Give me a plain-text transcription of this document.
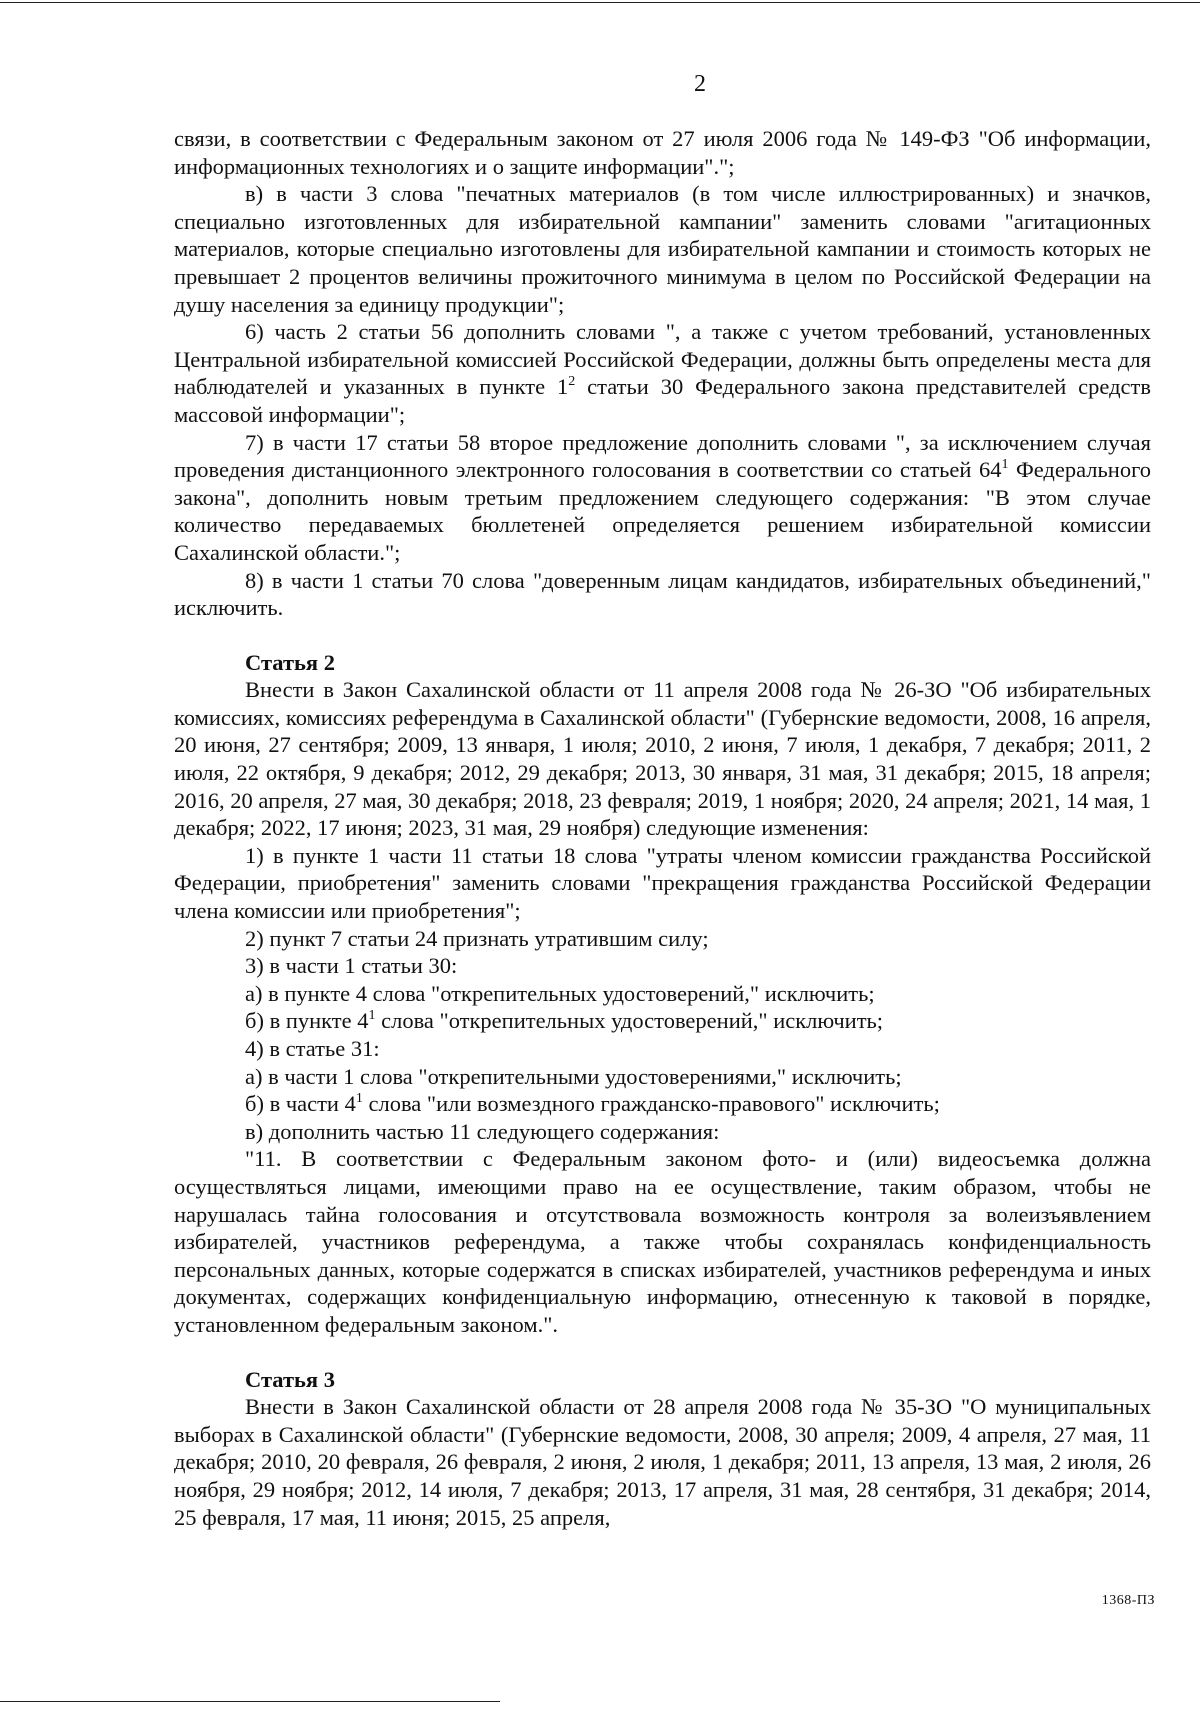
2

связи, в соответствии с Федеральным законом от 27 июля 2006 года № 149-ФЗ "Об информации, информационных технологиях и о защите информации".";

в) в части 3 слова "печатных материалов (в том числе иллюстрированных) и значков, специально изготовленных для избирательной кампании" заменить словами "агитационных материалов, которые специально изготовлены для избирательной кампании и стоимость которых не превышает 2 процентов величины прожиточного минимума в целом по Российской Федерации на душу населения за единицу продукции";

6) часть 2 статьи 56 дополнить словами ", а также с учетом требований, установленных Центральной избирательной комиссией Российской Федерации, должны быть определены места для наблюдателей и указанных в пункте $1^2$ статьи 30 Федерального закона представителей средств массовой информации";

7) в части 17 статьи 58 второе предложение дополнить словами ", за исключением случая проведения дистанционного электронного голосования в соответствии со статьей $64^1$ Федерального закона", дополнить новым третьим предложением следующего содержания: "В этом случае количество передаваемых бюллетеней определяется решением избирательной комиссии Сахалинской области.";

8) в части 1 статьи 70 слова "доверенным лицам кандидатов, избирательных объединений," исключить.

Статья 2

Внести в Закон Сахалинской области от 11 апреля 2008 года № 26-ЗО "Об избирательных комиссиях, комиссиях референдума в Сахалинской области" (Губернские ведомости, 2008, 16 апреля, 20 июня, 27 сентября; 2009, 13 января, 1 июля; 2010, 2 июня, 7 июля, 1 декабря, 7 декабря; 2011, 2 июля, 22 октября, 9 декабря; 2012, 29 декабря; 2013, 30 января, 31 мая, 31 декабря; 2015, 18 апреля; 2016, 20 апреля, 27 мая, 30 декабря; 2018, 23 февраля; 2019, 1 ноября; 2020, 24 апреля; 2021, 14 мая, 1 декабря; 2022, 17 июня; 2023, 31 мая, 29 ноября) следующие изменения:

1) в пункте 1 части 11 статьи 18 слова "утраты членом комиссии гражданства Российской Федерации, приобретения" заменить словами "прекращения гражданства Российской Федерации члена комиссии или приобретения";

2) пункт 7 статьи 24 признать утратившим силу;

3) в части 1 статьи 30:

а) в пункте 4 слова "открепительных удостоверений," исключить;

б) в пункте $4^1$ слова "открепительных удостоверений," исключить;

4) в статье 31:

а) в части 1 слова "открепительными удостоверениями," исключить;

б) в части $4^1$ слова "или возмездного гражданско-правового" исключить;

в) дополнить частью 11 следующего содержания:

"11. В соответствии с Федеральным законом фото- и (или) видеосъемка должна осуществляться лицами, имеющими право на ее осуществление, таким образом, чтобы не нарушалась тайна голосования и отсутствовала возможность контроля за волеизъявлением избирателей, участников референдума, а также чтобы сохранялась конфиденциальность персональных данных, которые содержатся в списках избирателей, участников референдума и иных документах, содержащих конфиденциальную информацию, отнесенную к таковой в порядке, установленном федеральным законом.".

Статья 3

Внести в Закон Сахалинской области от 28 апреля 2008 года № 35-ЗО "О муниципальных выборах в Сахалинской области" (Губернские ведомости, 2008, 30 апреля; 2009, 4 апреля, 27 мая, 11 декабря; 2010, 20 февраля, 26 февраля, 2 июня, 2 июля, 1 декабря; 2011, 13 апреля, 13 мая, 2 июля, 26 ноября, 29 ноября; 2012, 14 июля, 7 декабря; 2013, 17 апреля, 31 мая, 28 сентября, 31 декабря; 2014, 25 февраля, 17 мая, 11 июня; 2015, 25 апреля,

1368-ПЗ
